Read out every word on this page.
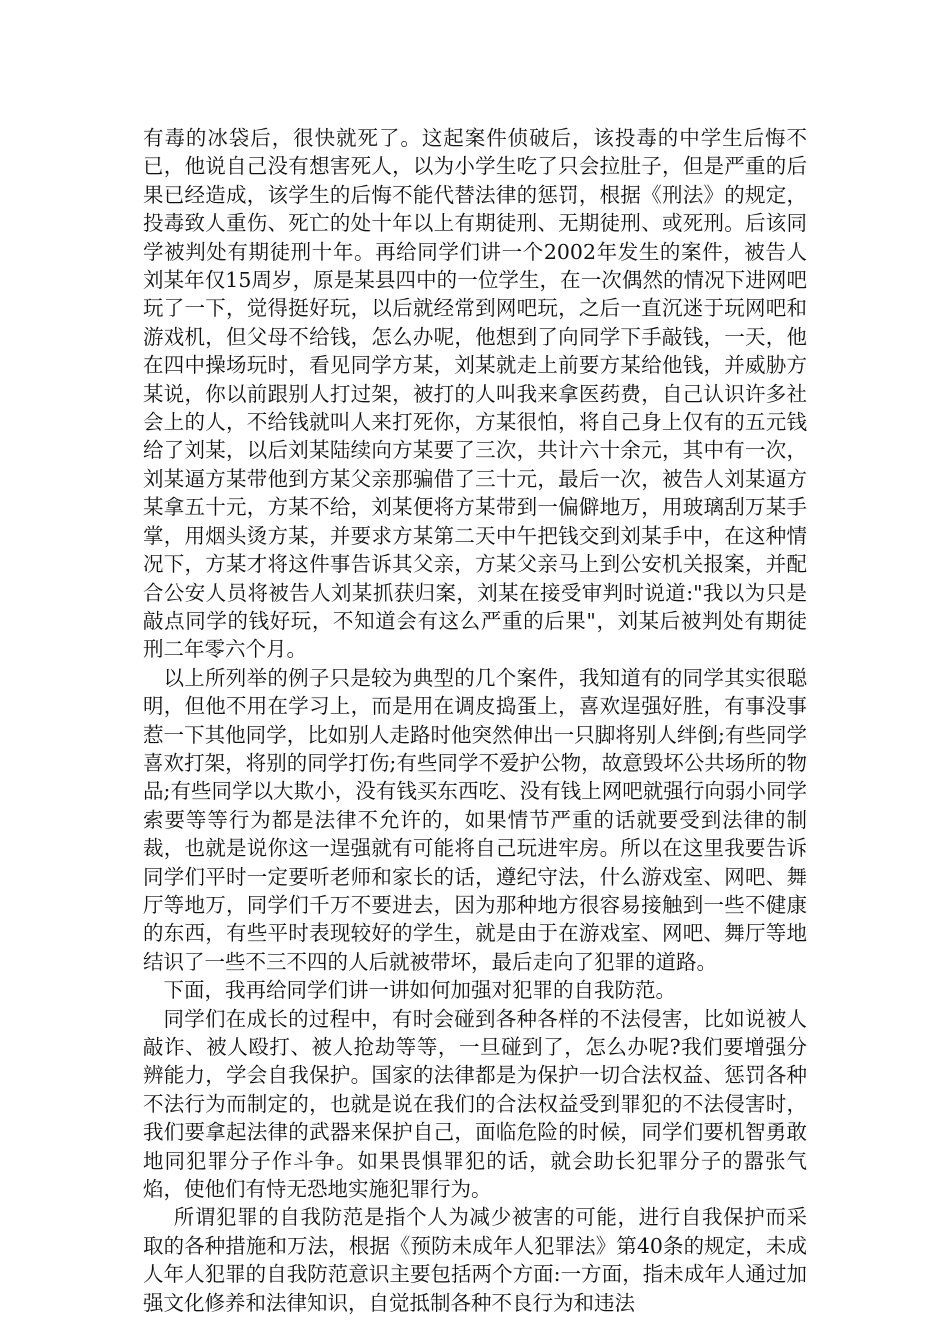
有毒的冰袋后，很快就死了。这起案件侦破后，该投毒的中学生后悔不已，他说自己没有想害死人，以为小学生吃了只会拉肚子，但是严重的后果已经造成，该学生的后悔不能代替法律的惩罚，根据《刑法》的规定，投毒致人重伤、死亡的处十年以上有期徒刑、无期徒刑、或死刑。后该同学被判处有期徒刑十年。再给同学们讲一个2002年发生的案件，被告人刘某年仅15周岁，原是某县四中的一位学生，在一次偶然的情况下进网吧玩了一下，觉得挺好玩，以后就经常到网吧玩，之后一直沉迷于玩网吧和游戏机，但父母不给钱，怎么办呢，他想到了向同学下手敲钱，一天，他在四中操场玩时，看见同学方某，刘某就走上前要方某给他钱，并威胁方某说，你以前跟别人打过架，被打的人叫我来拿医药费，自己认识许多社会上的人，不给钱就叫人来打死你，方某很怕，将自己身上仅有的五元钱给了刘某，以后刘某陆续向方某要了三次，共计六十余元，其中有一次，刘某逼方某带他到方某父亲那骗借了三十元，最后一次，被告人刘某逼方某拿五十元，方某不给，刘某便将方某带到一偏僻地万，用玻璃刮万某手掌，用烟头烫方某，并要求方某第二天中午把钱交到刘某手中，在这种情况下，方某才将这件事告诉其父亲，方某父亲马上到公安机关报案，并配合公安人员将被告人刘某抓获归案，刘某在接受审判时说道:"我以为只是敲点同学的钱好玩，不知道会有这么严重的后果"，刘某后被判处有期徒刑二年零六个月。

以上所列举的例子只是较为典型的几个案件，我知道有的同学其实很聪明，但他不用在学习上，而是用在调皮捣蛋上，喜欢逞强好胜，有事没事惹一下其他同学，比如别人走路时他突然伸出一只脚将别人绊倒;有些同学喜欢打架，将别的同学打伤;有些同学不爱护公物，故意毁坏公共场所的物品;有些同学以大欺小，没有钱买东西吃、没有钱上网吧就强行向弱小同学索要等等行为都是法律不允许的，如果情节严重的话就要受到法律的制裁，也就是说你这一逞强就有可能将自己玩进牢房。所以在这里我要告诉同学们平时一定要听老师和家长的话，遵纪守法，什么游戏室、网吧、舞厅等地万，同学们千万不要进去，因为那种地方很容易接触到一些不健康的东西，有些平时表现较好的学生，就是由于在游戏室、网吧、舞厅等地结识了一些不三不四的人后就被带坏，最后走向了犯罪的道路。

下面，我再给同学们讲一讲如何加强对犯罪的自我防范。

同学们在成长的过程中，有时会碰到各种各样的不法侵害，比如说被人敲诈、被人殴打、被人抢劫等等，一旦碰到了，怎么办呢?我们要增强分辨能力，学会自我保护。国家的法律都是为保护一切合法权益、惩罚各种不法行为而制定的，也就是说在我们的合法权益受到罪犯的不法侵害时，我们要拿起法律的武器来保护自己，面临危险的时候，同学们要机智勇敢地同犯罪分子作斗争。如果畏惧罪犯的话，就会助长犯罪分子的嚣张气焰，使他们有恃无恐地实施犯罪行为。

所谓犯罪的自我防范是指个人为减少被害的可能，进行自我保护而采取的各种措施和万法，根据《预防未成年人犯罪法》第40条的规定，未成人年人犯罪的自我防范意识主要包括两个方面:一方面，指未成年人通过加强文化修养和法律知识，自觉抵制各种不良行为和违法
